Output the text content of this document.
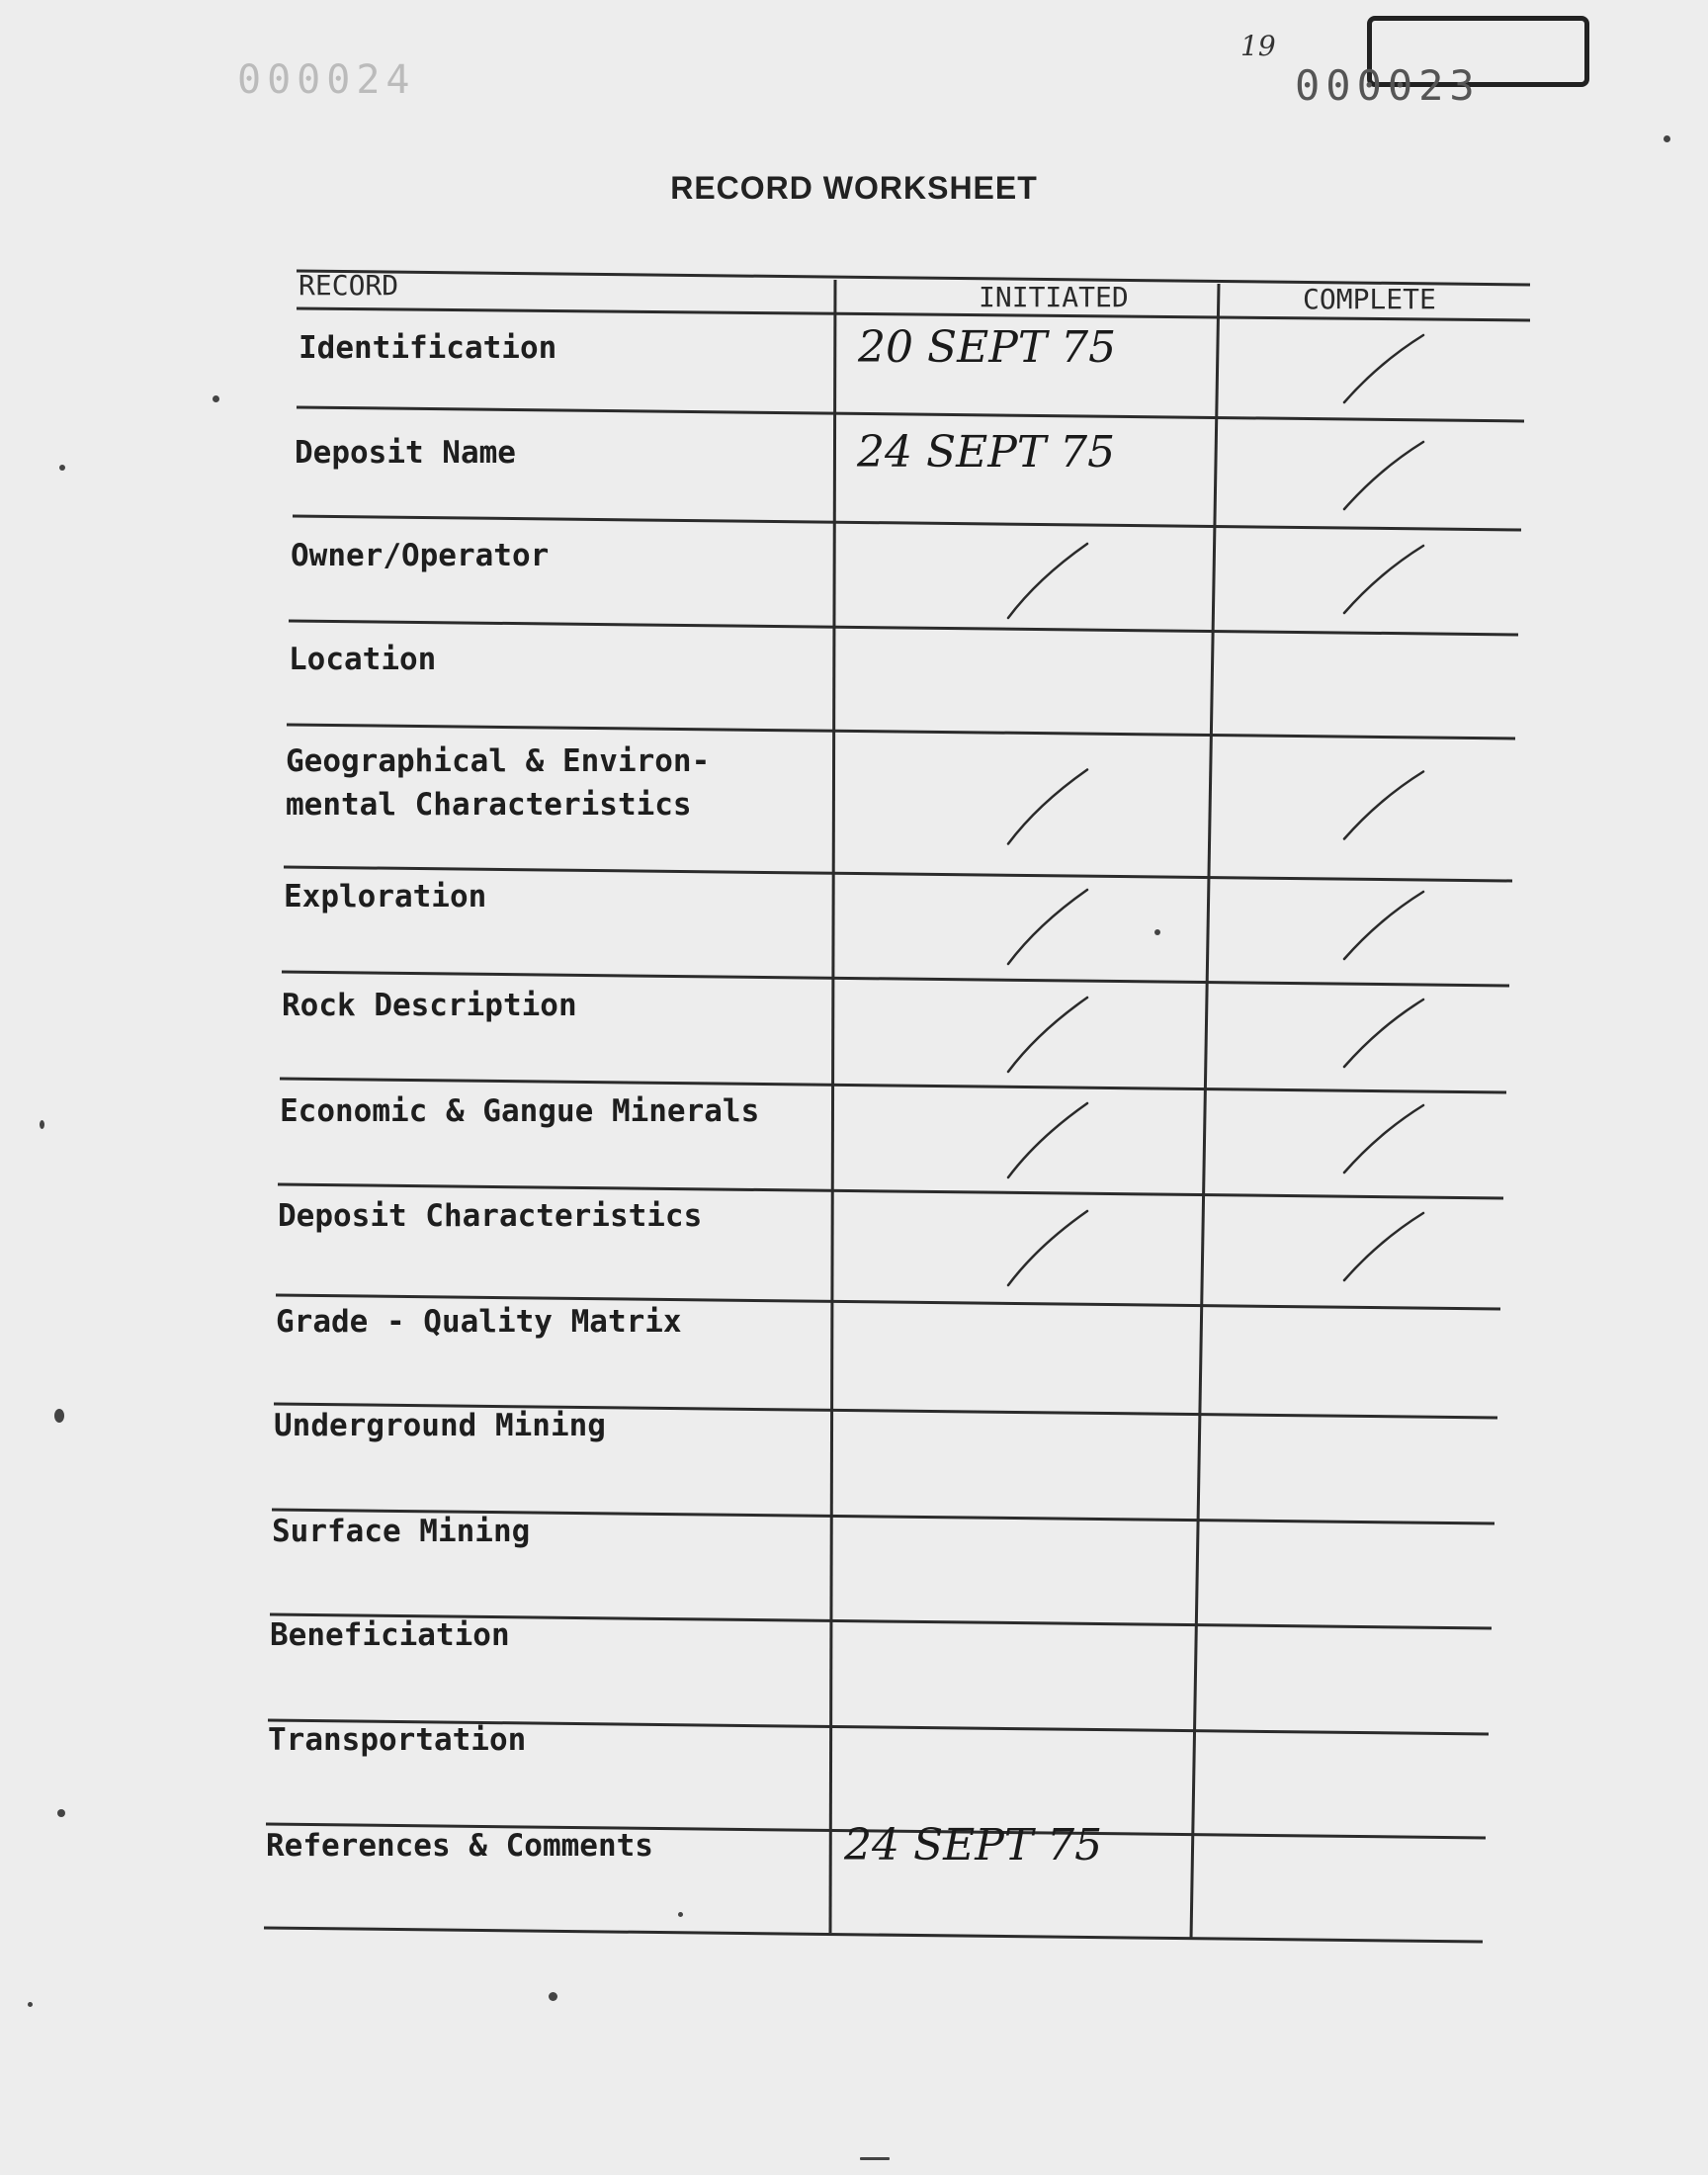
000024
19
000023
RECORD WORKSHEET
RECORD	INITIATED	COMPLETE
Identification	20 SEPT 75
Deposit Name	24 SEPT 75
Owner/Operator
Location
Geographical & Environ-
mental Characteristics
Exploration
Rock Description
Economic & Gangue Minerals
Deposit Characteristics
Grade - Quality Matrix
Underground Mining
Surface Mining
Beneficiation
Transportation
References & Comments	24 SEPT 75
